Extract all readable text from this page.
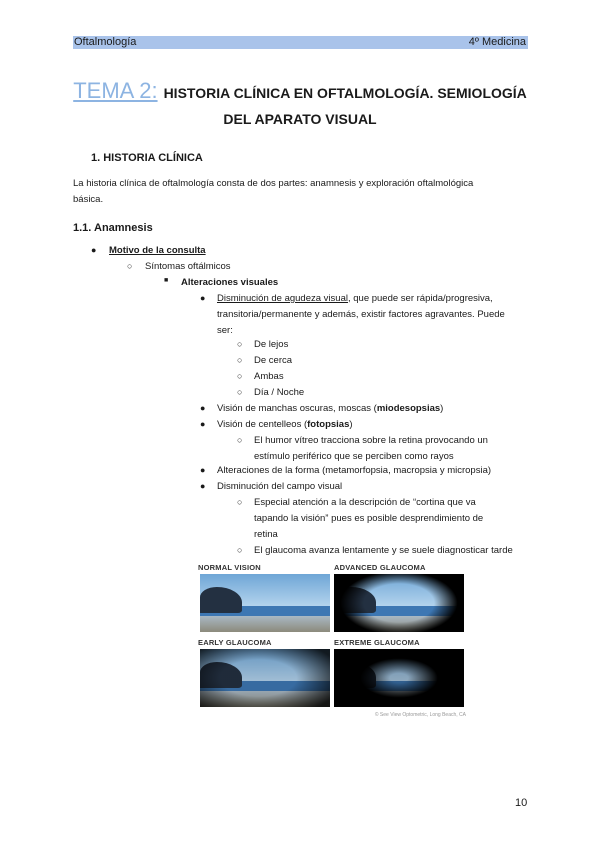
Oftalmología	4º Medicina
TEMA 2: HISTORIA CLÍNICA EN OFTALMOLOGÍA. SEMIOLOGÍA
DEL APARATO VISUAL
1. HISTORIA CLÍNICA
La historia clínica de oftalmología consta de dos partes: anamnesis y exploración oftalmológica
básica.
1.1. Anamnesis
● Motivo de la consulta
○ Síntomas oftálmicos
■ Alteraciones visuales
● Disminución de agudeza visual, que puede ser rápida/progresiva,
transitoria/permanente y además, existir factores agravantes. Puede
ser:
○ De lejos
○ De cerca
○ Ambas
○ Día / Noche
● Visión de manchas oscuras, moscas (miodesopsias)
● Visión de centelleos (fotopsias)
○ El humor vítreo tracciona sobre la retina provocando un
estímulo periférico que se perciben como rayos
● Alteraciones de la forma (metamorfopsia, macropsia y micropsia)
● Disminución del campo visual
○ Especial atención a la descripción de “cortina que va
tapando la visión” pues es posible desprendimiento de
retina
○ El glaucoma avanza lentamente y se suele diagnosticar tarde
NORMAL VISION	ADVANCED GLAUCOMA
EARLY GLAUCOMA	EXTREME GLAUCOMA
© See View Optometric, Long Beach, CA
10
